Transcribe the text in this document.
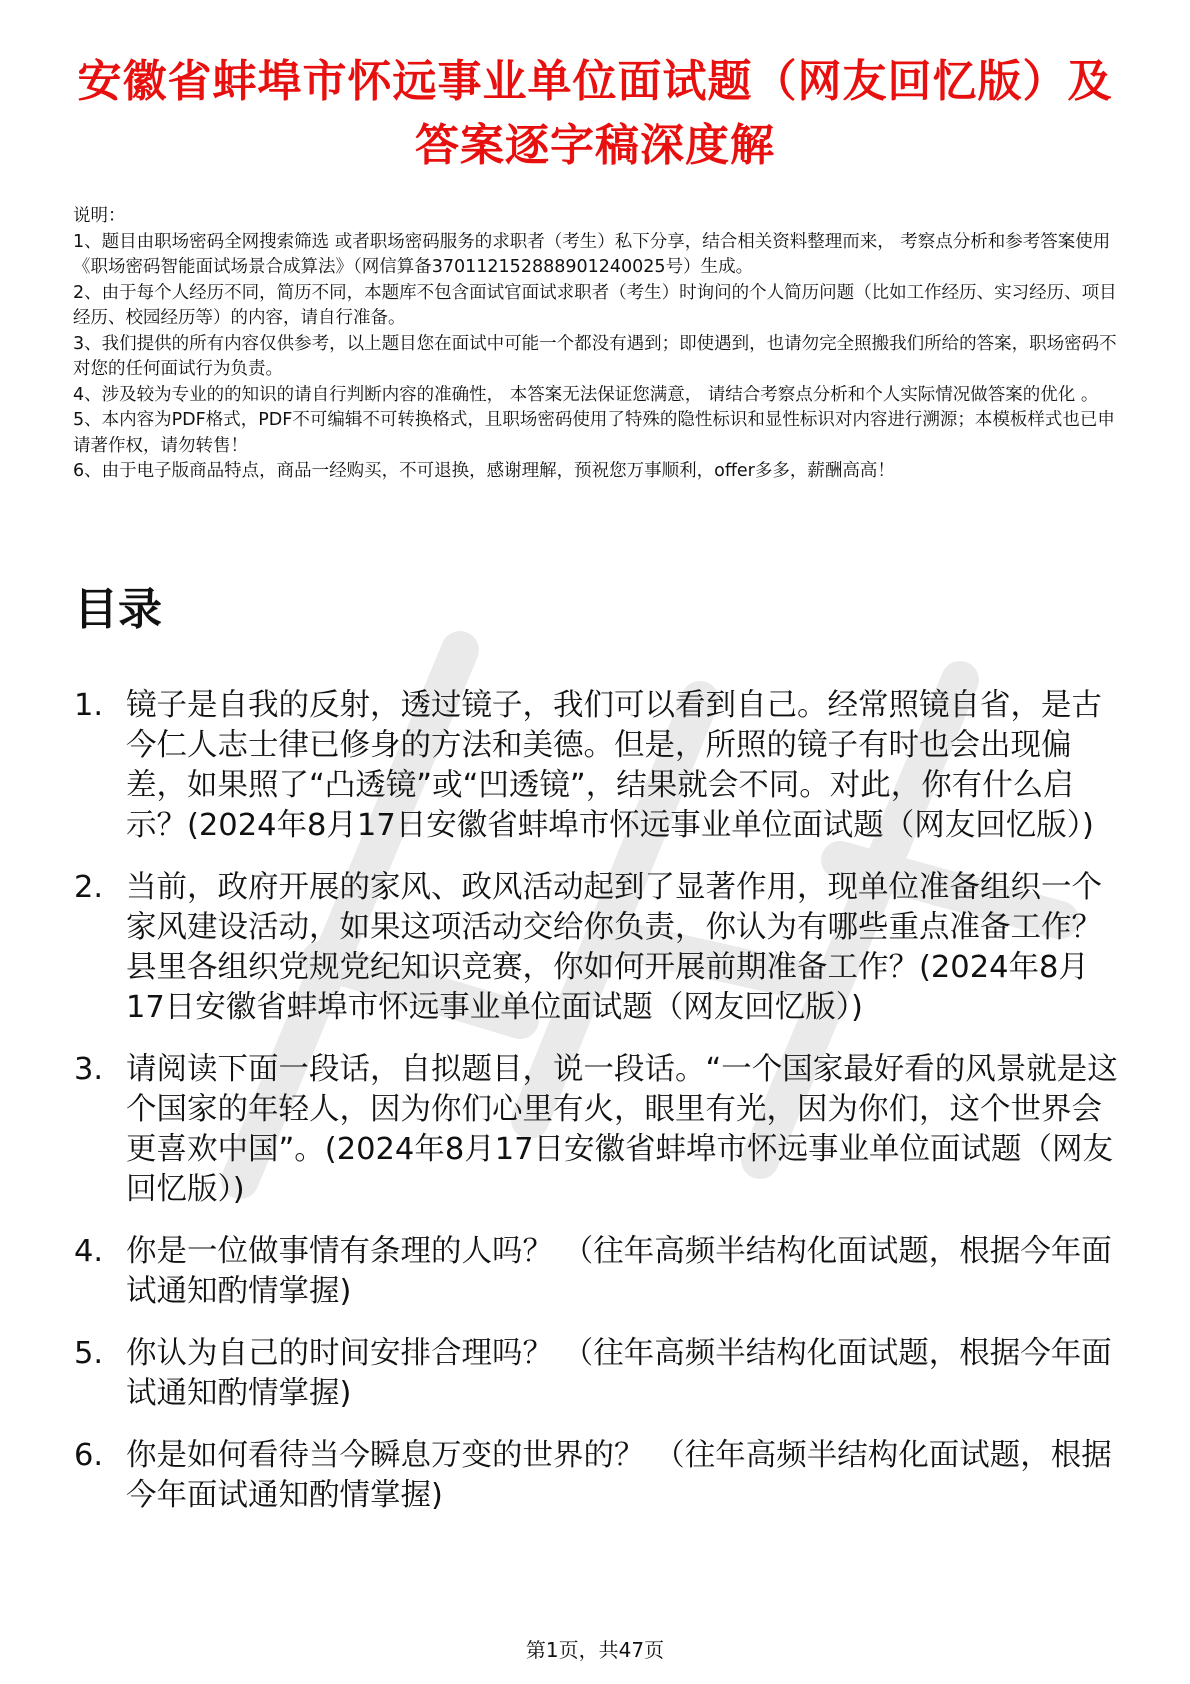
安徽省蚌埠市怀远事业单位面试题（网友回忆版）及答案逐字稿深度解

说明：

1、题目由职场密码全网搜索筛选 或者职场密码服务的求职者（考生）私下分享，结合相关资料整理而来， 考察点分析和参考答案使用《职场密码智能面试场景合成算法》（网信算备370112152888901240025号）生成。

2、由于每个人经历不同，简历不同，本题库不包含面试官面试求职者（考生）时询问的个人简历问题（比如工作经历、实习经历、项目经历、校园经历等）的内容，请自行准备。

3、我们提供的所有内容仅供参考，以上题目您在面试中可能一个都没有遇到；即使遇到，也请勿完全照搬我们所给的答案，职场密码不对您的任何面试行为负责。

4、涉及较为专业的的知识的请自行判断内容的准确性， 本答案无法保证您满意， 请结合考察点分析和个人实际情况做答案的优化 。

5、本内容为PDF格式，PDF不可编辑不可转换格式，且职场密码使用了特殊的隐性标识和显性标识对内容进行溯源；本模板样式也已申请著作权，请勿转售！

6、由于电子版商品特点，商品一经购买，不可退换，感谢理解，预祝您万事顺利，offer多多，薪酬高高！

目录
1. 镜子是自我的反射，透过镜子，我们可以看到自己。经常照镜自省，是古今仁人志士律已修身的方法和美德。但是，所照的镜子有时也会出现偏差，如果照了“凸透镜”或“凹透镜”，结果就会不同。对此，你有什么启示？(2024年8月17日安徽省蚌埠市怀远事业单位面试题（网友回忆版）)
2. 当前，政府开展的家风、政风活动起到了显著作用，现单位准备组织一个家风建设活动，如果这项活动交给你负责，你认为有哪些重点准备工作？县里各组织党规党纪知识竞赛，你如何开展前期准备工作？(2024年8月17日安徽省蚌埠市怀远事业单位面试题（网友回忆版）)
3. 请阅读下面一段话，自拟题目，说一段话。“一个国家最好看的风景就是这个国家的年轻人，因为你们心里有火，眼里有光，因为你们，这个世界会更喜欢中国”。(2024年8月17日安徽省蚌埠市怀远事业单位面试题（网友回忆版）)
4. 你是一位做事情有条理的人吗？ （往年高频半结构化面试题，根据今年面试通知酌情掌握)
5. 你认为自己的时间安排合理吗？ （往年高频半结构化面试题，根据今年面试通知酌情掌握)
6. 你是如何看待当今瞬息万变的世界的？ （往年高频半结构化面试题，根据今年面试通知酌情掌握)
第1页，共47页
